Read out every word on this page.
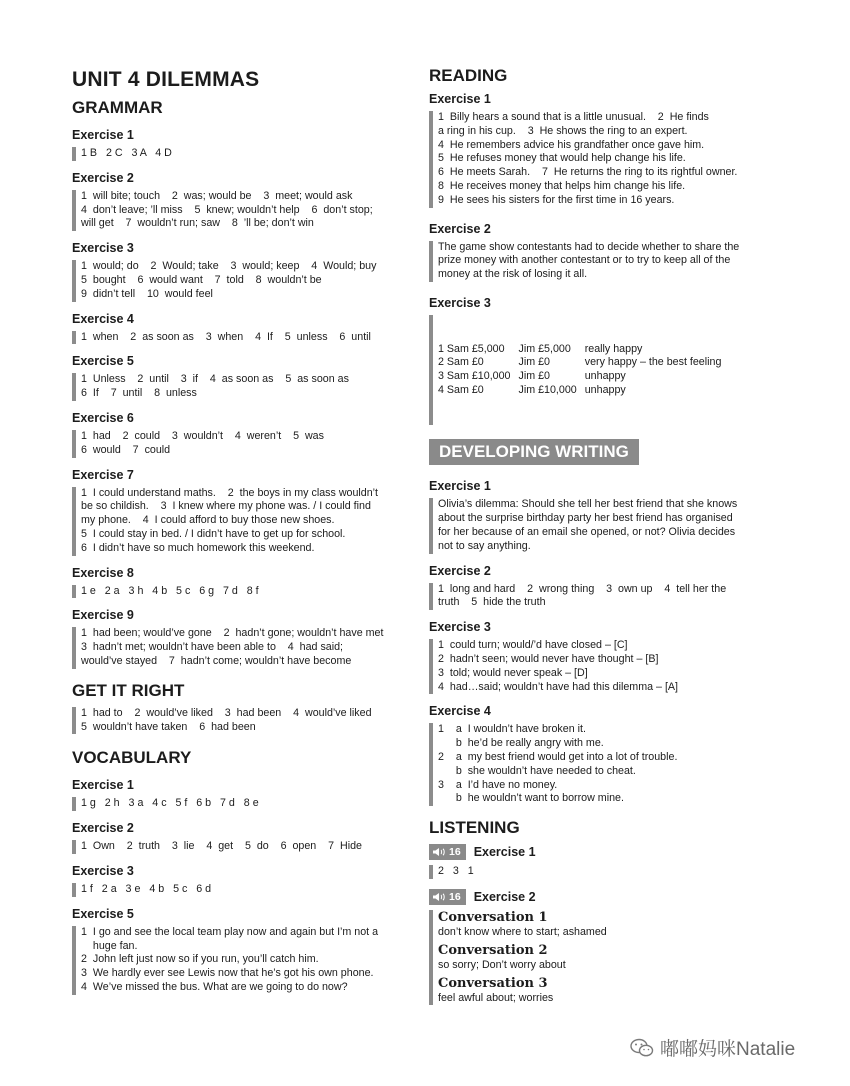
UNIT 4 DILEMMAS
GRAMMAR
Exercise 1
1 B   2 C   3 A   4 D
Exercise 2
1  will bite; touch    2  was; would be    3  meet; would ask
4  don’t leave; ’ll miss    5  knew; wouldn’t help    6  don’t stop;
will get    7  wouldn’t run; saw    8  ’ll be; don’t win
Exercise 3
1  would; do    2  Would; take    3  would; keep    4  Would; buy
5  bought    6  would want    7  told    8  wouldn’t be
9  didn’t tell    10  would feel
Exercise 4
1  when    2  as soon as    3  when    4  If    5  unless    6  until
Exercise 5
1  Unless    2  until    3  if    4  as soon as    5  as soon as
6  If    7  until    8  unless
Exercise 6
1  had    2  could    3  wouldn’t    4  weren’t    5  was
6  would    7  could
Exercise 7
1  I could understand maths.    2  the boys in my class wouldn’t
be so childish.    3  I knew where my phone was. / I could find
my phone.    4  I could afford to buy those new shoes.
5  I could stay in bed. / I didn’t have to get up for school.
6  I didn’t have so much homework this weekend.
Exercise 8
1 e   2 a   3 h   4 b   5 c   6 g   7 d   8 f
Exercise 9
1  had been; would’ve gone    2  hadn’t gone; wouldn’t have met
3  hadn’t met; wouldn’t have been able to    4  had said;
would’ve stayed    7  hadn’t come; wouldn’t have become
GET IT RIGHT
1  had to    2  would’ve liked    3  had been    4  would’ve liked
5  wouldn’t have taken    6  had been
VOCABULARY
Exercise 1
1 g   2 h   3 a   4 c   5 f   6 b   7 d   8 e
Exercise 2
1  Own    2  truth    3  lie    4  get    5  do    6  open    7  Hide
Exercise 3
1 f   2 a   3 e   4 b   5 c   6 d
Exercise 5
1  I go and see the local team play now and again but I’m not a
huge fan.
2  John left just now so if you run, you’ll catch him.
3  We hardly ever see Lewis now that he’s got his own phone.
4  We’ve missed the bus. What are we going to do now?
READING
Exercise 1
1  Billy hears a sound that is a little unusual.    2  He finds
a ring in his cup.    3  He shows the ring to an expert.
4  He remembers advice his grandfather once gave him.
5  He refuses money that would help change his life.
6  He meets Sarah.    7  He returns the ring to its rightful owner.
8  He receives money that helps him change his life.
9  He sees his sisters for the first time in 16 years.
Exercise 2
The game show contestants had to decide whether to share the
prize money with another contestant or to try to keep all of the
money at the risk of losing it all.
Exercise 3

1 Sam £5,000	Jim £5,000	really happy
2 Sam £0	Jim £0	very happy – the best feeling
3 Sam £10,000	Jim £0	unhappy
4 Sam £0	Jim £10,000	unhappy

DEVELOPING WRITING
Exercise 1
Olivia’s dilemma: Should she tell her best friend that she knows
about the surprise birthday party her best friend has organised
for her because of an email she opened, or not? Olivia decides
not to say anything.
Exercise 2
1  long and hard    2  wrong thing    3  own up    4  tell her the
truth    5  hide the truth
Exercise 3
1  could turn; would/’d have closed – [C]
2  hadn’t seen; would never have thought – [B]
3  told; would never speak – [D]
4  had…said; wouldn’t have had this dilemma – [A]
Exercise 4
1    a  I wouldn’t have broken it.
b  he’d be really angry with me.
2    a  my best friend would get into a lot of trouble.
b  she wouldn’t have needed to cheat.
3    a  I’d have no money.
b  he wouldn’t want to borrow mine.
LISTENING
16 Exercise 1
2   3   1
16 Exercise 2
Conversation 1
don’t know where to start; ashamed
Conversation 2
so sorry; Don’t worry about
Conversation 3
feel awful about; worries
嘟嘟妈咪Natalie
